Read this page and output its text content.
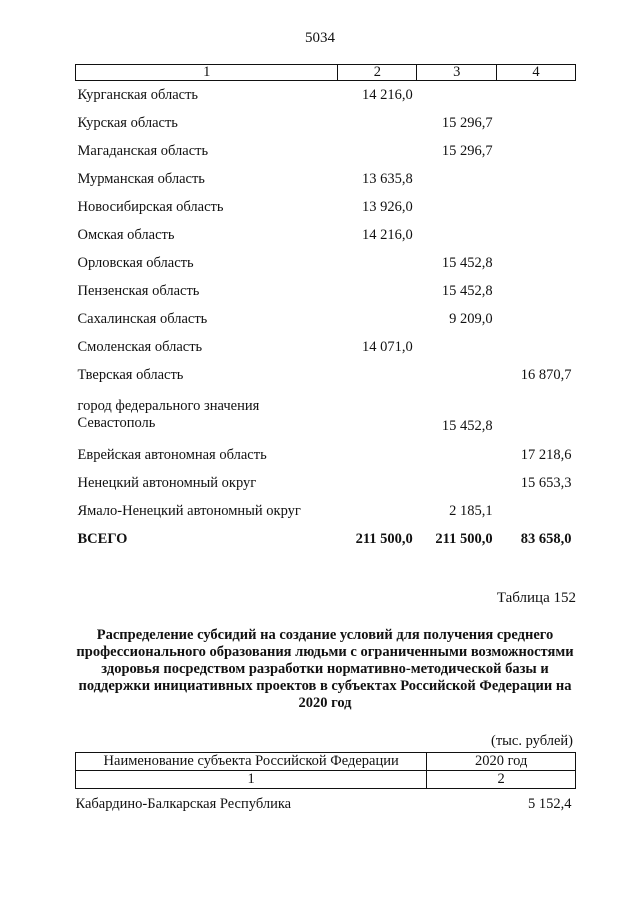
5034
1	2	3	4
Курганская область	14 216,0		
Курская область		15 296,7	
Магаданская область		15 296,7	
Мурманская область	13 635,8		
Новосибирская область	13 926,0		
Омская область	14 216,0		
Орловская область		15 452,8	
Пензенская область		15 452,8	
Сахалинская область		9 209,0	
Смоленская область	14 071,0		
Тверская область			16 870,7
город федерального значения Севастополь		15 452,8	
Еврейская автономная область			17 218,6
Ненецкий автономный округ			15 653,3
Ямало-Ненецкий автономный округ		2 185,1	
ВСЕГО	211 500,0	211 500,0	83 658,0
Таблица 152
Распределение субсидий на создание условий для получения среднего профессионального образования людьми с ограниченными возможностями здоровья посредством разработки нормативно-методической базы и поддержки инициативных проектов в субъектах Российской Федерации на 2020 год
(тыс. рублей)
Наименование субъекта Российской Федерации	2020 год
1	2
Кабардино-Балкарская Республика	5 152,4
